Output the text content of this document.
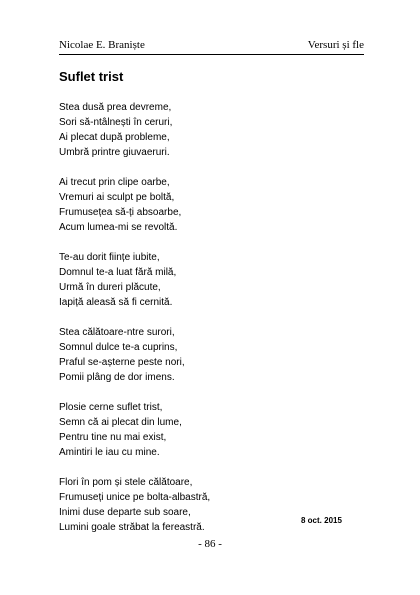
Nicolae E. Braniște	Versuri și fle
Suflet trist
Stea dusă prea devreme,
Sori să-ntâlnești în ceruri,
Ai plecat după probleme,
Umbră printre giuvaeruri.
Ai trecut prin clipe oarbe,
Vremuri ai sculpt pe boltă,
Frumusețea să-ți absoarbe,
Acum lumea-mi se revoltă.
Te-au dorit ființe iubite,
Domnul te-a luat fără milă,
Urmă în dureri plăcute,
Iapiță aleasă să fi cernită.
Stea călătoare-ntre surori,
Somnul dulce te-a cuprins,
Praful se-așterne peste nori,
Pomii plâng de dor imens.
Plosie cerne suflet trist,
Semn că ai plecat din lume,
Pentru tine nu mai exist,
Amintiri le iau cu mine.
Flori în pom și stele călătoare,
Frumuseți unice pe bolta-albastră,
Inimi duse departe sub soare,
Lumini goale străbat la fereastră.
8 oct. 2015
- 86 -
